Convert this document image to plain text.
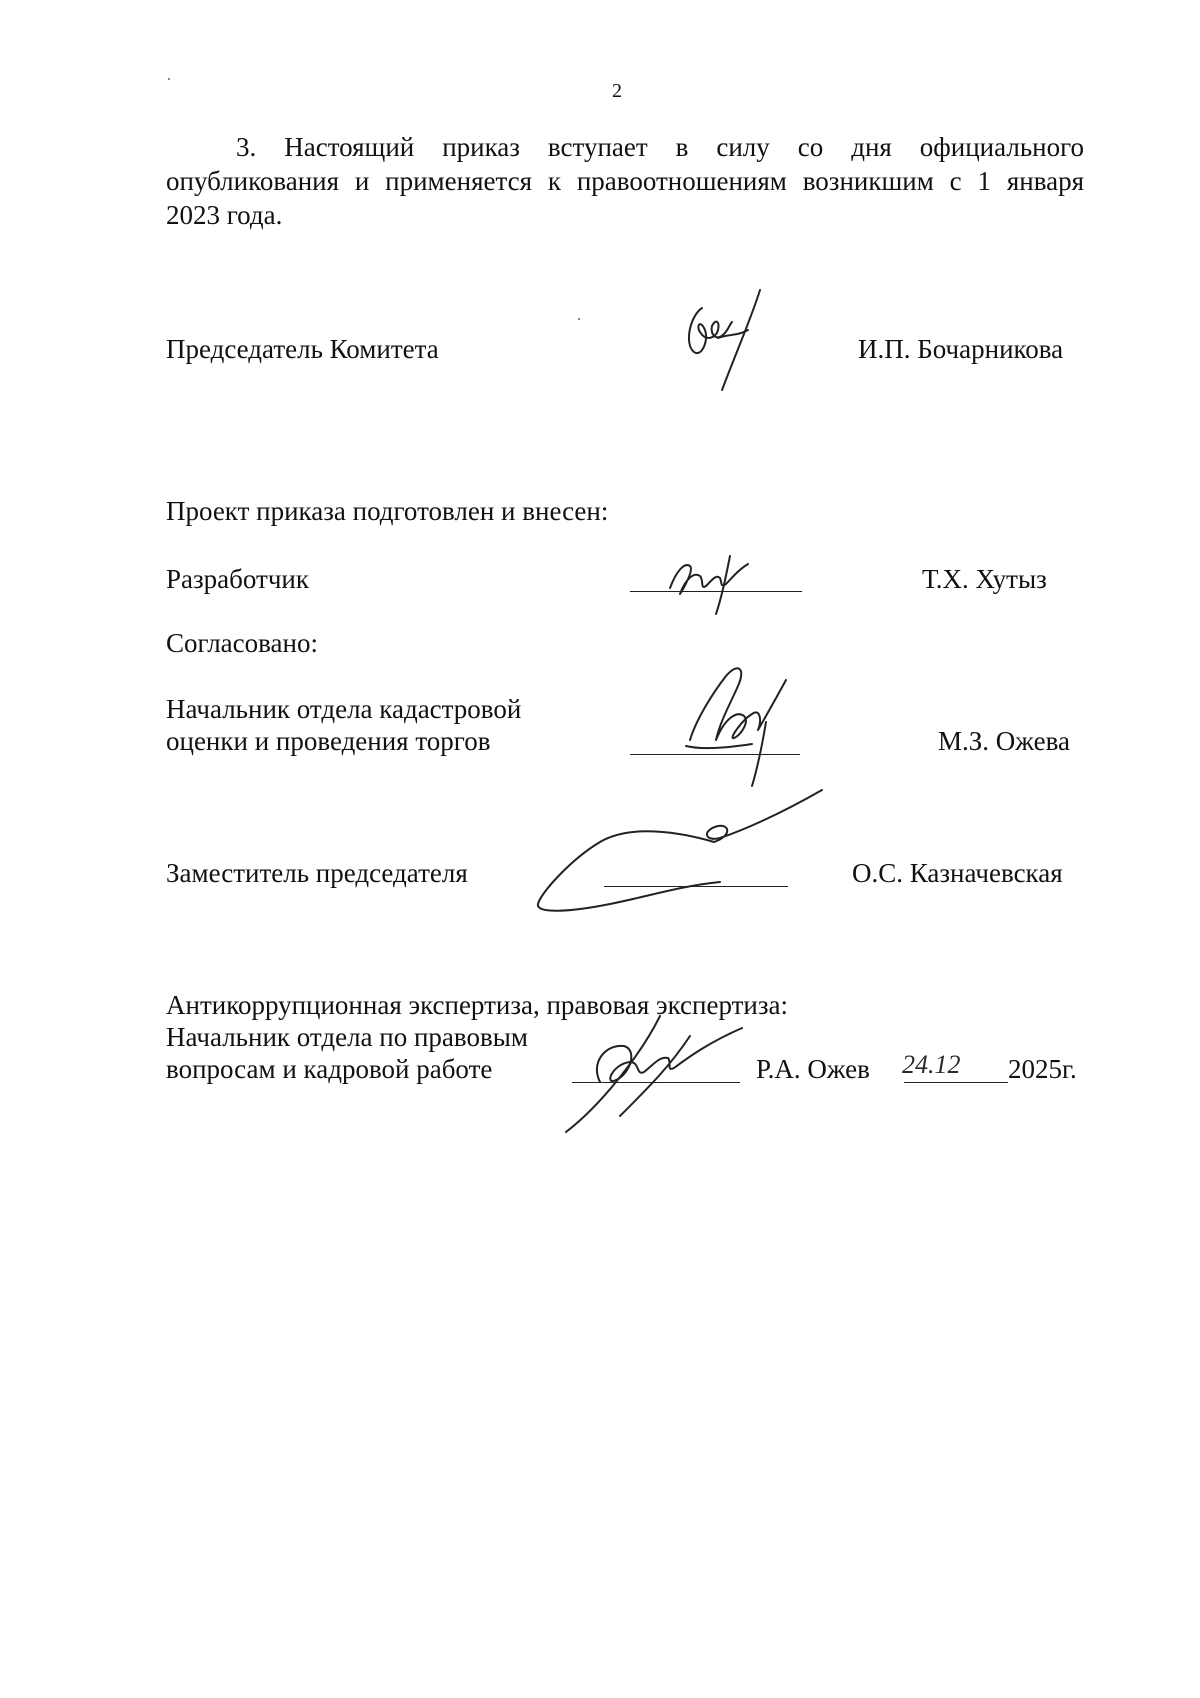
2
3. Настоящий приказ вступает в силу со дня официального
опубликования и применяется к правоотношениям возникшим с 1 января
2023 года.
Председатель Комитета	И.П. Бочарникова
Проект приказа подготовлен и внесен:
Разработчик	Т.Х. Хутыз
Согласовано:
Начальник отдела кадастровой
оценки и проведения торгов	М.З. Ожева
Заместитель председателя	О.С. Казначевская
Антикоррупционная экспертиза, правовая экспертиза:
Начальник отдела по правовым
вопросам и кадровой работе	Р.А. Ожев 24.12 2025г.
